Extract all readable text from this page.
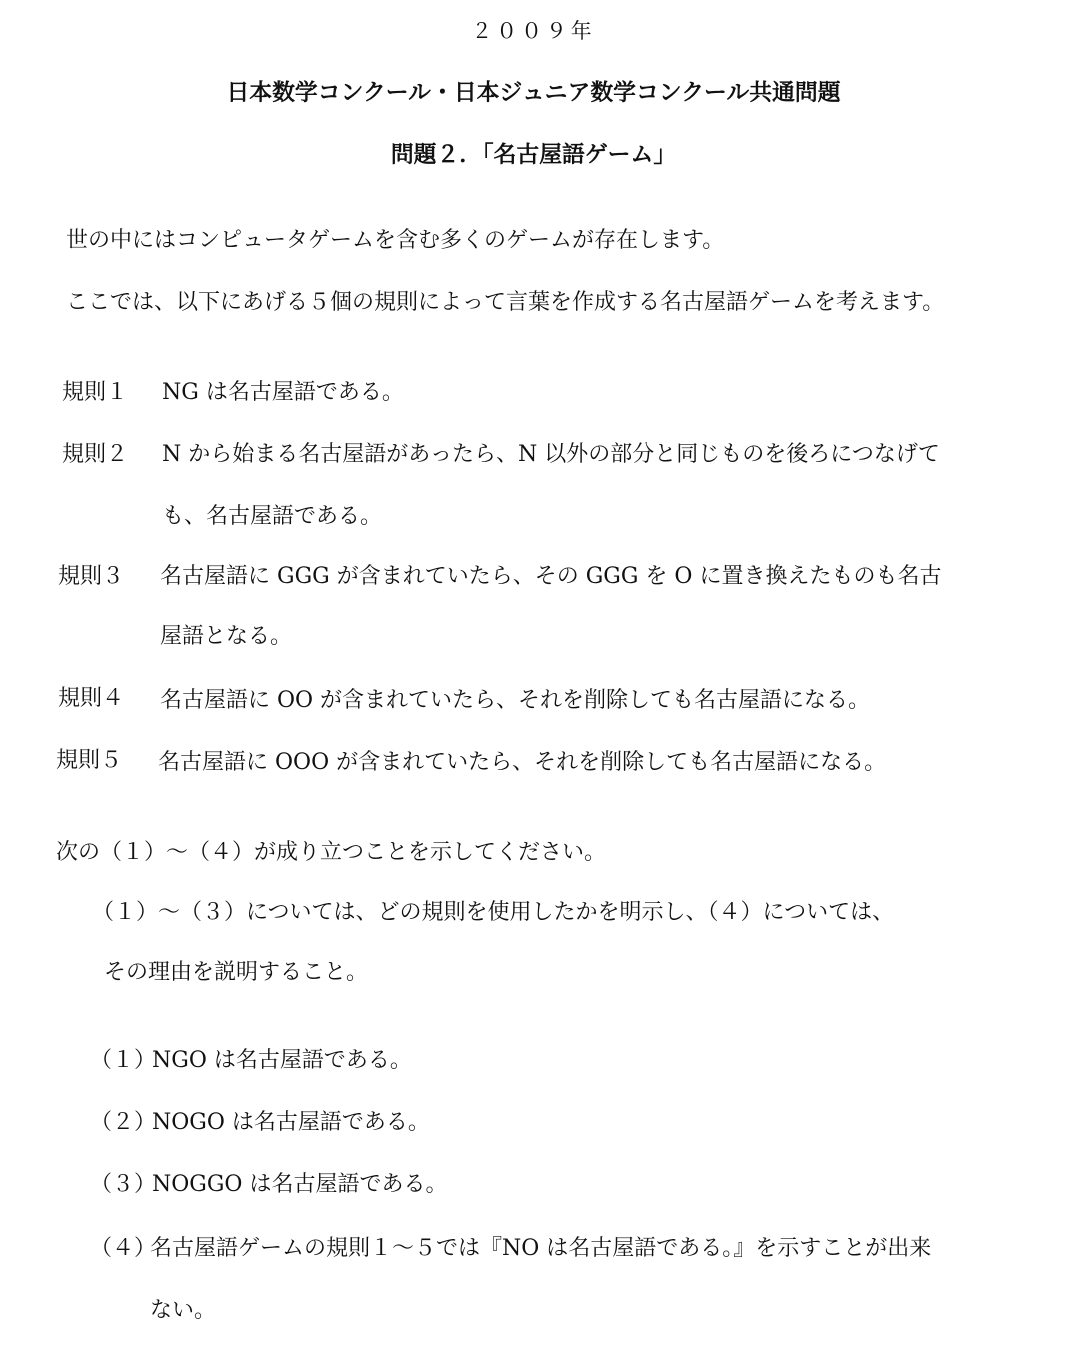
２００９年
日本数学コンクール・日本ジュニア数学コンクール共通問題
問題２．「名古屋語ゲーム」
世の中にはコンピュータゲームを含む多くのゲームが存在します。
ここでは、以下にあげる５個の規則によって言葉を作成する名古屋語ゲームを考えます。
規則１ NG は名古屋語である。
規則２ N から始まる名古屋語があったら、N 以外の部分と同じものを後ろにつなげて
も、名古屋語である。
規則３ 名古屋語に GGG が含まれていたら、その GGG を O に置き換えたものも名古
屋語となる。
規則４ 名古屋語に OO が含まれていたら、それを削除しても名古屋語になる。
規則５ 名古屋語に OOO が含まれていたら、それを削除しても名古屋語になる。
次の（１）～（４）が成り立つことを示してください。
（１）～（３）については、どの規則を使用したかを明示し、（４）については、
その理由を説明すること。
（１）
NGO は名古屋語である。
（２）
NOGO は名古屋語である。
（３）
NOGGO は名古屋語である。
（４）
名古屋語ゲームの規則１～５では『NO は名古屋語である。』を示すことが出来
ない。
